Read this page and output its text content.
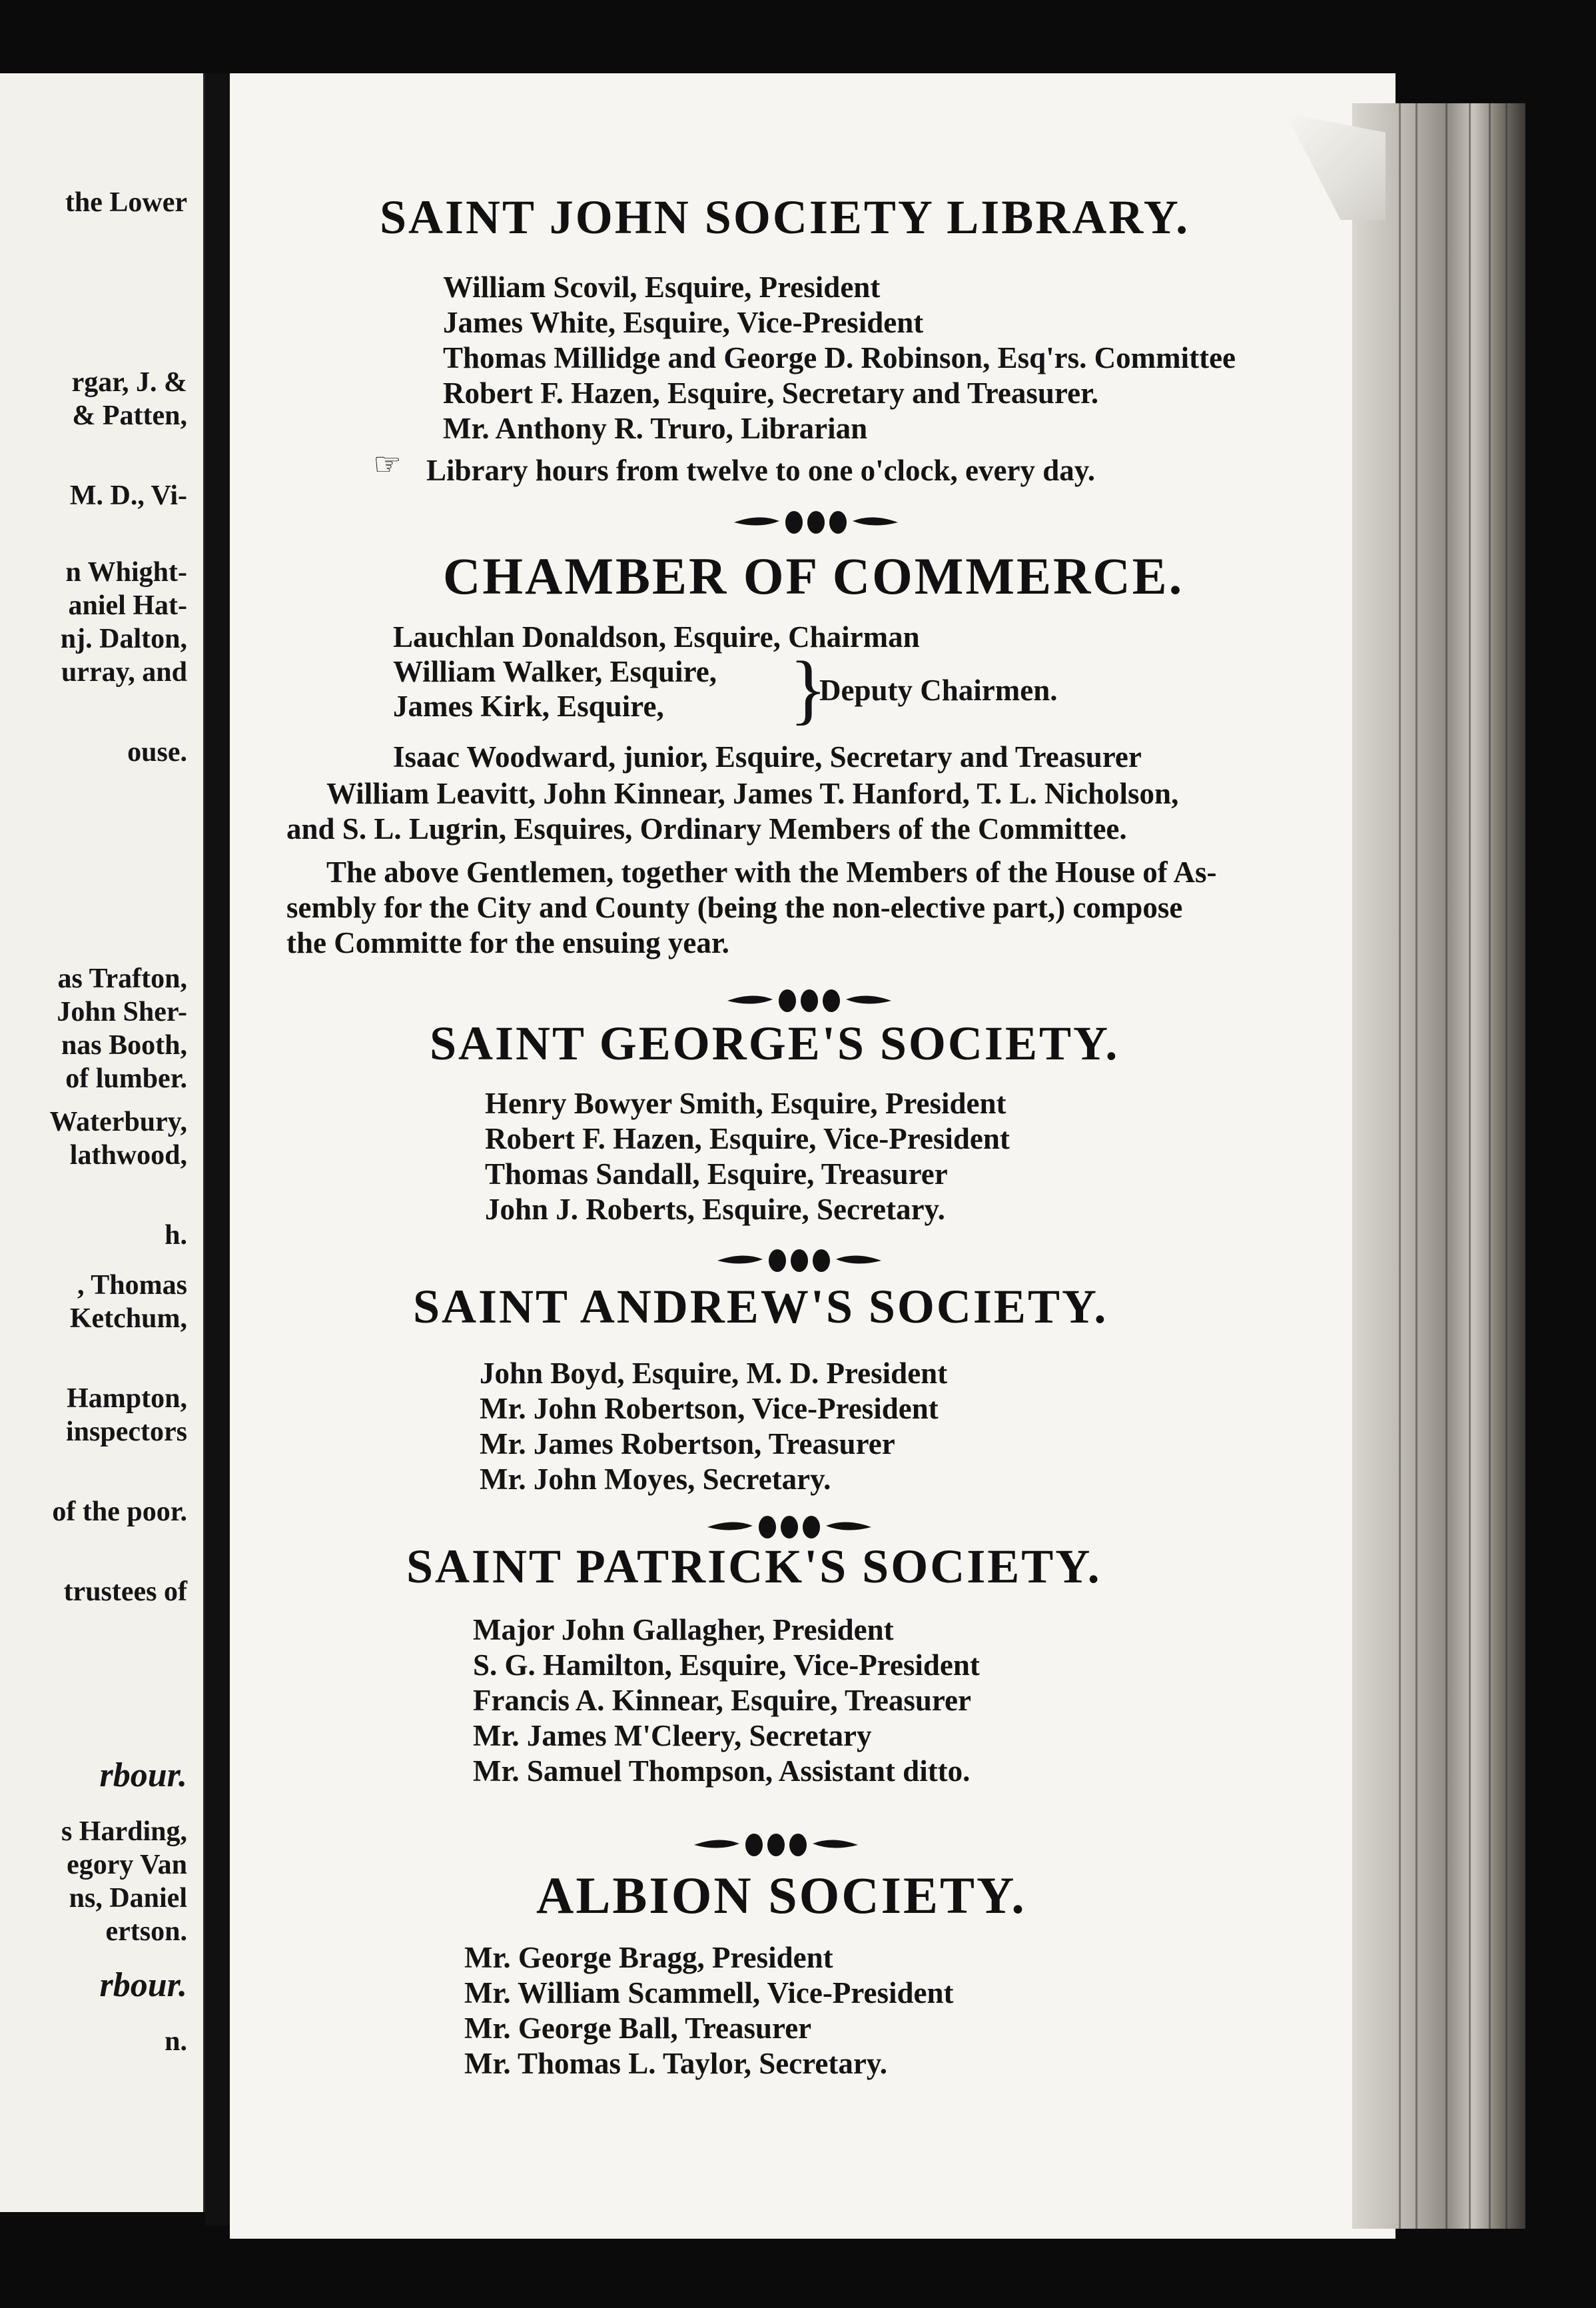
the Lower
rgar, J. &
& Patten,
M. D., Vi-
n Whight-
aniel Hat-
nj. Dalton,
urray, and
ouse.
as Trafton,
John Sher-
nas Booth,
of lumber.
Waterbury,
lathwood,
h.
, Thomas
Ketchum,
Hampton,
inspectors
of the poor.
trustees of
rbour.
s Harding,
egory Van
ns, Daniel
ertson.
rbour.
n.
SAINT JOHN SOCIETY LIBRARY.

William Scovil, Esquire, President

James White, Esquire, Vice-President

Thomas Millidge and George D. Robinson, Esq'rs. Committee

Robert F. Hazen, Esquire, Secretary and Treasurer.

Mr. Anthony R. Truro, Librarian

☞ Library hours from twelve to one o'clock, every day.

CHAMBER OF COMMERCE.

Lauchlan Donaldson, Esquire, Chairman

William Walker, Esquire,

James Kirk, Esquire, }

Deputy Chairmen.

Isaac Woodward, junior, Esquire, Secretary and Treasurer

William Leavitt, John Kinnear, James T. Hanford, T. L. Nicholson,

and S. L. Lugrin, Esquires, Ordinary Members of the Committee.

The above Gentlemen, together with the Members of the House of As-

sembly for the City and County (being the non-elective part,) compose

the Committe for the ensuing year.

SAINT GEORGE'S SOCIETY.

Henry Bowyer Smith, Esquire, President

Robert F. Hazen, Esquire, Vice-President

Thomas Sandall, Esquire, Treasurer

John J. Roberts, Esquire, Secretary.

SAINT ANDREW'S SOCIETY.

John Boyd, Esquire, M. D. President

Mr. John Robertson, Vice-President

Mr. James Robertson, Treasurer

Mr. John Moyes, Secretary.

SAINT PATRICK'S SOCIETY.

Major John Gallagher, President

S. G. Hamilton, Esquire, Vice-President

Francis A. Kinnear, Esquire, Treasurer

Mr. James M'Cleery, Secretary

Mr. Samuel Thompson, Assistant ditto.

ALBION SOCIETY.

Mr. George Bragg, President

Mr. William Scammell, Vice-President

Mr. George Ball, Treasurer

Mr. Thomas L. Taylor, Secretary.
